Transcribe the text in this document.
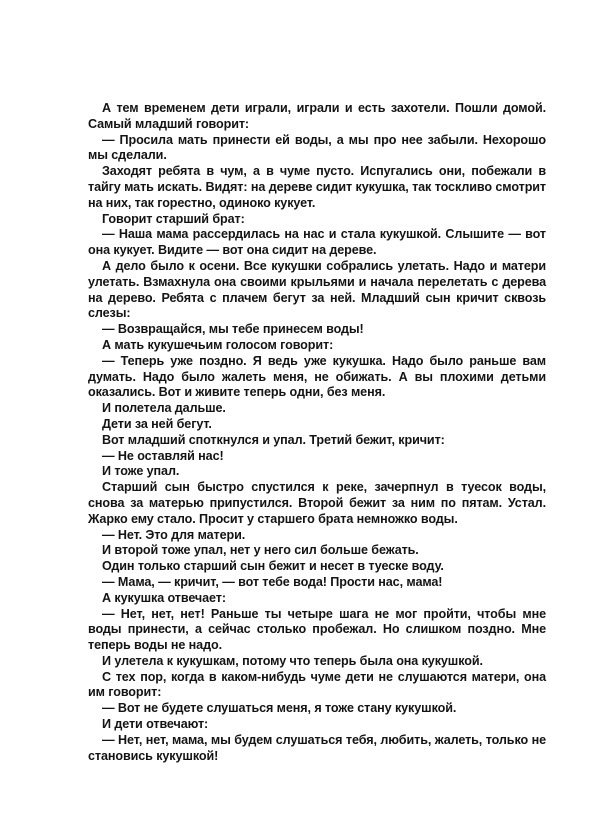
А тем временем дети играли, играли и есть захотели. Пошли домой. Самый младший говорит:

— Просила мать принести ей воды, а мы про нее забыли. Нехорошо мы сделали.

Заходят ребята в чум, а в чуме пусто. Испугались они, побежали в тайгу мать искать. Видят: на дереве сидит кукушка, так тоскливо смотрит на них, так горестно, одиноко кукует.

Говорит старший брат:

— Наша мама рассердилась на нас и стала кукушкой. Слышите — вот она кукует. Видите — вот она сидит на дереве.

А дело было к осени. Все кукушки собрались улетать. Надо и матери улетать. Взмахнула она своими крыльями и начала перелетать с дерева на дерево. Ребята с плачем бегут за ней. Младший сын кричит сквозь слезы:

— Возвращайся, мы тебе принесем воды!

А мать кукушечьим голосом говорит:

— Теперь уже поздно. Я ведь уже кукушка. Надо было раньше вам думать. Надо было жалеть меня, не обижать. А вы плохими детьми оказались. Вот и живите теперь одни, без меня.

И полетела дальше.

Дети за ней бегут.

Вот младший споткнулся и упал. Третий бежит, кричит:

— Не оставляй нас!

И тоже упал.

Старший сын быстро спустился к реке, зачерпнул в туесок воды, снова за матерью припустился. Второй бежит за ним по пятам. Устал. Жарко ему стало. Просит у старшего брата немножко воды.

— Нет. Это для матери.

И второй тоже упал, нет у него сил больше бежать.

Один только старший сын бежит и несет в туеске воду.

— Мама, — кричит, — вот тебе вода! Прости нас, мама!

А кукушка отвечает:

— Нет, нет, нет! Раньше ты четыре шага не мог пройти, чтобы мне воды принести, а сейчас столько пробежал. Но слишком поздно. Мне теперь воды не надо.

И улетела к кукушкам, потому что теперь была она кукушкой.

С тех пор, когда в каком-нибудь чуме дети не слушаются матери, она им говорит:

— Вот не будете слушаться меня, я тоже стану кукушкой.

И дети отвечают:

— Нет, нет, мама, мы будем слушаться тебя, любить, жалеть, только не становись кукушкой!
